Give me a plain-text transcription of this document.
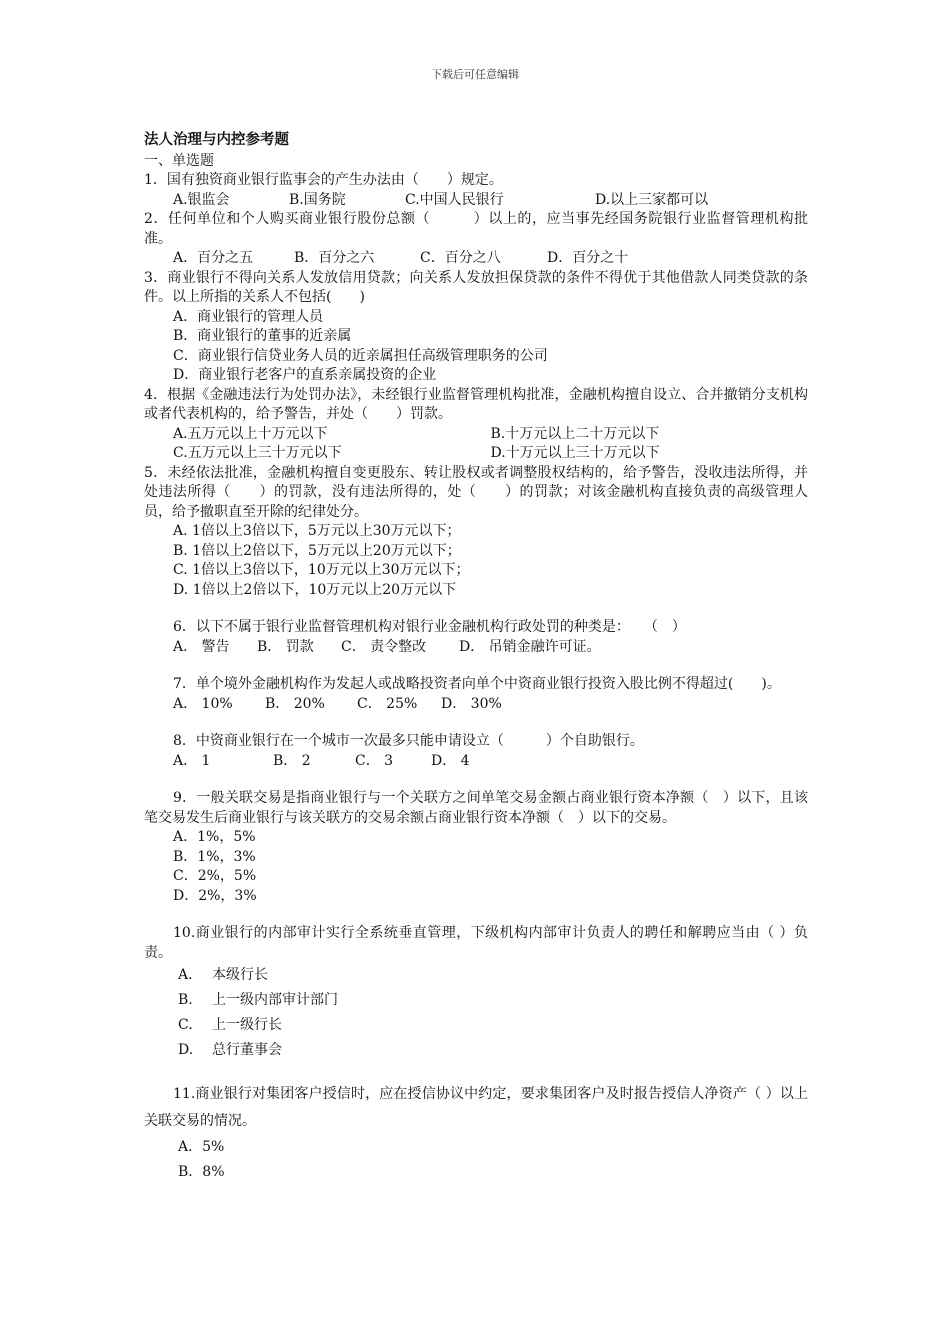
下载后可任意编辑
法人治理与内控参考题
一、单选题
1．国有独资商业银行监事会的产生办法由（　　）规定。
A.银监会	B.国务院	C.中国人民银行	D.以上三家都可以
2．任何单位和个人购买商业银行股份总额（　　　）以上的，应当事先经国务院银行业监督管理机构批准。
A．百分之五	B．百分之六	C．百分之八	D．百分之十
3．商业银行不得向关系人发放信用贷款；向关系人发放担保贷款的条件不得优于其他借款人同类贷款的条件。以上所指的关系人不包括(　　)
A．商业银行的管理人员
B．商业银行的董事的近亲属
C．商业银行信贷业务人员的近亲属担任高级管理职务的公司
D．商业银行老客户的直系亲属投资的企业
4．根据《金融违法行为处罚办法》，未经银行业监督管理机构批准，金融机构擅自设立、合并撤销分支机构或者代表机构的，给予警告，并处（　　）罚款。
A.五万元以上十万元以下	B.十万元以上二十万元以下
C.五万元以上三十万元以下	D.十万元以上三十万元以下
5．未经依法批准，金融机构擅自变更股东、转让股权或者调整股权结构的，给予警告，没收违法所得，并处违法所得（　　）的罚款，没有违法所得的，处（　　）的罚款；对该金融机构直接负责的高级管理人员，给予撤职直至开除的纪律处分。
A. 1倍以上3倍以下，5万元以上30万元以下；
B. 1倍以上2倍以下，5万元以上20万元以下；
C. 1倍以上3倍以下，10万元以上30万元以下；
D. 1倍以上2倍以下，10万元以上20万元以下
6．以下不属于银行业监督管理机构对银行业金融机构行政处罚的种类是：　　（　）
A． 警告	B． 罚款	C． 责令整改	D． 吊销金融许可证。
7．单个境外金融机构作为发起人或战略投资者向单个中资商业银行投资入股比例不得超过(　　)。
A． 10%	B． 20%	C． 25%	D． 30%
8．中资商业银行在一个城市一次最多只能申请设立（　　　）个自助银行。
A． 1	B． 2	C． 3	D． 4
9．一般关联交易是指商业银行与一个关联方之间单笔交易金额占商业银行资本净额（　）以下，且该笔交易发生后商业银行与该关联方的交易余额占商业银行资本净额（　）以下的交易。
A．1%，5%
B．1%，3%
C．2%，5%
D．2%，3%
10.商业银行的内部审计实行全系统垂直管理，下级机构内部审计负责人的聘任和解聘应当由（ ）负责。
A. 本级行长
B. 上一级内部审计部门
C. 上一级行长
D. 总行董事会
11.商业银行对集团客户授信时，应在授信协议中约定，要求集团客户及时报告授信人净资产（ ）以上关联交易的情况。
A．5%
B．8%
